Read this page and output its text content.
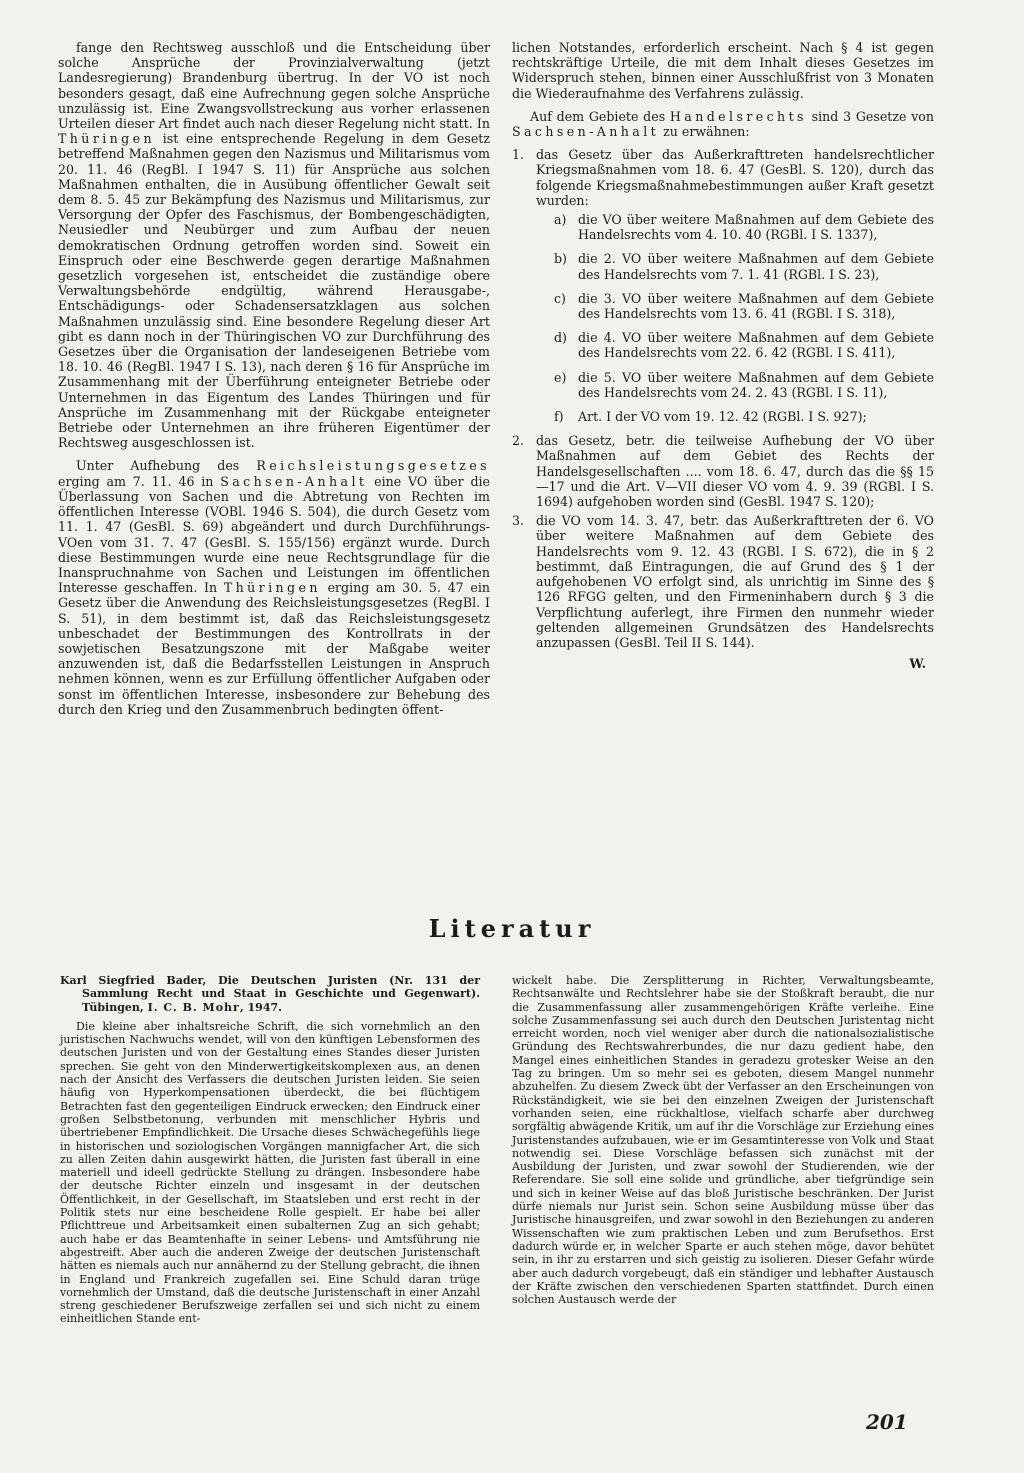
fange den Rechtsweg ausschloß und die Entscheidung über solche Ansprüche der Provinzialverwaltung (jetzt Landesregierung) Brandenburg übertrug. In der VO ist noch besonders gesagt, daß eine Aufrechnung gegen solche Ansprüche unzulässig ist. Eine Zwangsvollstreckung aus vorher erlassenen Urteilen dieser Art findet auch nach dieser Regelung nicht statt. In Thüringen ist eine entsprechende Regelung in dem Gesetz betreffend Maßnahmen gegen den Nazismus und Militarismus vom 20. 11. 46 (RegBl. I 1947 S. 11) für Ansprüche aus solchen Maßnahmen enthalten, die in Ausübung öffentlicher Gewalt seit dem 8. 5. 45 zur Bekämpfung des Nazismus und Militarismus, zur Versorgung der Opfer des Faschismus, der Bombengeschädigten, Neusiedler und Neubürger und zum Aufbau der neuen demokratischen Ordnung getroffen worden sind. Soweit ein Einspruch oder eine Beschwerde gegen derartige Maßnahmen gesetzlich vorgesehen ist, entscheidet die zuständige obere Verwaltungsbehörde endgültig, während Herausgabe-, Entschädigungs- oder Schadensersatzklagen aus solchen Maßnahmen unzulässig sind. Eine besondere Regelung dieser Art gibt es dann noch in der Thüringischen VO zur Durchführung des Gesetzes über die Organisation der landeseigenen Betriebe vom 18. 10. 46 (RegBl. 1947 I S. 13), nach deren § 16 für Ansprüche im Zusammenhang mit der Überführung enteigneter Betriebe oder Unternehmen in das Eigentum des Landes Thüringen und für Ansprüche im Zusammenhang mit der Rückgabe enteigneter Betriebe oder Unternehmen an ihre früheren Eigentümer der Rechtsweg ausgeschlossen ist.

Unter Aufhebung des Reichsleistungsgesetzes erging am 7. 11. 46 in Sachsen-Anhalt eine VO über die Überlassung von Sachen und die Abtretung von Rechten im öffentlichen Interesse (VOBl. 1946 S. 504), die durch Gesetz vom 11. 1. 47 (GesBl. S. 69) abgeändert und durch Durchführungs-VOen vom 31. 7. 47 (GesBl. S. 155/156) ergänzt wurde. Durch diese Bestimmungen wurde eine neue Rechtsgrundlage für die Inanspruchnahme von Sachen und Leistungen im öffentlichen Interesse geschaffen. In Thüringen erging am 30. 5. 47 ein Gesetz über die Anwendung des Reichsleistungsgesetzes (RegBl. I S. 51), in dem bestimmt ist, daß das Reichsleistungsgesetz unbeschadet der Bestimmungen des Kontrollrats in der sowjetischen Besatzungszone mit der Maßgabe weiter anzuwenden ist, daß die Bedarfsstellen Leistungen in Anspruch nehmen können, wenn es zur Erfüllung öffentlicher Aufgaben oder sonst im öffentlichen Interesse, insbesondere zur Behebung des durch den Krieg und den Zusammenbruch bedingten öffent-

lichen Notstandes, erforderlich erscheint. Nach § 4 ist gegen rechtskräftige Urteile, die mit dem Inhalt dieses Gesetzes im Widerspruch stehen, binnen einer Ausschlußfrist von 3 Monaten die Wiederaufnahme des Verfahrens zulässig.

Auf dem Gebiete des Handelsrechts sind 3 Gesetze von Sachsen-Anhalt zu erwähnen:

1. das Gesetz über das Außerkrafttreten handelsrechtlicher Kriegsmaßnahmen vom 18. 6. 47 (GesBl. S. 120), durch das folgende Kriegsmaßnahmebestimmungen außer Kraft gesetzt wurden:
a) die VO über weitere Maßnahmen auf dem Gebiete des Handelsrechts vom 4. 10. 40 (RGBl. I S. 1337),
b) die 2. VO über weitere Maßnahmen auf dem Gebiete des Handelsrechts vom 7. 1. 41 (RGBl. I S. 23),
c) die 3. VO über weitere Maßnahmen auf dem Gebiete des Handelsrechts vom 13. 6. 41 (RGBl. I S. 318),
d) die 4. VO über weitere Maßnahmen auf dem Gebiete des Handelsrechts vom 22. 6. 42 (RGBl. I S. 411),
e) die 5. VO über weitere Maßnahmen auf dem Gebiete des Handelsrechts vom 24. 2. 43 (RGBl. I S. 11),
f) Art. I der VO vom 19. 12. 42 (RGBl. I S. 927);
2. das Gesetz, betr. die teilweise Aufhebung der VO über Maßnahmen auf dem Gebiet des Rechts der Handelsgesellschaften .... vom 18. 6. 47, durch das die §§ 15—17 und die Art. V—VII dieser VO vom 4. 9. 39 (RGBl. I S. 1694) aufgehoben worden sind (GesBl. 1947 S. 120);
3. die VO vom 14. 3. 47, betr. das Außerkrafttreten der 6. VO über weitere Maßnahmen auf dem Gebiete des Handelsrechts vom 9. 12. 43 (RGBl. I S. 672), die in § 2 bestimmt, daß Eintragungen, die auf Grund des § 1 der aufgehobenen VO erfolgt sind, als unrichtig im Sinne des § 126 RFGG gelten, und den Firmeninhabern durch § 3 die Verpflichtung auferlegt, ihre Firmen den nunmehr wieder geltenden allgemeinen Grundsätzen des Handelsrechts anzupassen (GesBl. Teil II S. 144).
W.
Literatur

Karl Siegfried Bader, Die Deutschen Juristen (Nr. 131 der Sammlung Recht und Staat in Geschichte und Gegenwart). Tübingen, I. C. B. Mohr, 1947.

Die kleine aber inhaltsreiche Schrift, die sich vornehmlich an den juristischen Nachwuchs wendet, will von den künftigen Lebensformen des deutschen Juristen und von der Gestaltung eines Standes dieser Juristen sprechen. Sie geht von den Minderwertigkeitskomplexen aus, an denen nach der Ansicht des Verfassers die deutschen Juristen leiden. Sie seien häufig von Hyperkompensationen überdeckt, die bei flüchtigem Betrachten fast den gegenteiligen Eindruck erwecken; den Eindruck einer großen Selbstbetonung, verbunden mit menschlicher Hybris und übertriebener Empfindlichkeit. Die Ursache dieses Schwächegefühls liege in historischen und soziologischen Vorgängen mannigfacher Art, die sich zu allen Zeiten dahin ausgewirkt hätten, die Juristen fast überall in eine materiell und ideell gedrückte Stellung zu drängen. Insbesondere habe der deutsche Richter einzeln und insgesamt in der deutschen Öffentlichkeit, in der Gesellschaft, im Staatsleben und erst recht in der Politik stets nur eine bescheidene Rolle gespielt. Er habe bei aller Pflichttreue und Arbeitsamkeit einen subalternen Zug an sich gehabt; auch habe er das Beamtenhafte in seiner Lebens- und Amtsführung nie abgestreift. Aber auch die anderen Zweige der deutschen Juristenschaft hätten es niemals auch nur annähernd zu der Stellung gebracht, die ihnen in England und Frankreich zugefallen sei. Eine Schuld daran trüge vornehmlich der Umstand, daß die deutsche Juristenschaft in einer Anzahl streng geschiedener Berufszweige zerfallen sei und sich nicht zu einem einheitlichen Stande ent-

wickelt habe. Die Zersplitterung in Richter, Verwaltungsbeamte, Rechtsanwälte und Rechtslehrer habe sie der Stoßkraft beraubt, die nur die Zusammenfassung aller zusammengehörigen Kräfte verleihe. Eine solche Zusammenfassung sei auch durch den Deutschen Juristentag nicht erreicht worden, noch viel weniger aber durch die nationalsozialistische Gründung des Rechtswahrerbundes, die nur dazu gedient habe, den Mangel eines einheitlichen Standes in geradezu grotesker Weise an den Tag zu bringen. Um so mehr sei es geboten, diesem Mangel nunmehr abzuhelfen. Zu diesem Zweck übt der Verfasser an den Erscheinungen von Rückständigkeit, wie sie bei den einzelnen Zweigen der Juristenschaft vorhanden seien, eine rückhaltlose, vielfach scharfe aber durchweg sorgfältig abwägende Kritik, um auf ihr die Vorschläge zur Erziehung eines Juristenstandes aufzubauen, wie er im Gesamtinteresse von Volk und Staat notwendig sei. Diese Vorschläge befassen sich zunächst mit der Ausbildung der Juristen, und zwar sowohl der Studierenden, wie der Referendare. Sie soll eine solide und gründliche, aber tiefgründige sein und sich in keiner Weise auf das bloß Juristische beschränken. Der Jurist dürfe niemals nur Jurist sein. Schon seine Ausbildung müsse über das Juristische hinausgreifen, und zwar sowohl in den Beziehungen zu anderen Wissenschaften wie zum praktischen Leben und zum Berufsethos. Erst dadurch würde er, in welcher Sparte er auch stehen möge, davor behütet sein, in ihr zu erstarren und sich geistig zu isolieren. Dieser Gefahr würde aber auch dadurch vorgebeugt, daß ein ständiger und lebhafter Austausch der Kräfte zwischen den verschiedenen Sparten stattfindet. Durch einen solchen Austausch werde der

201
